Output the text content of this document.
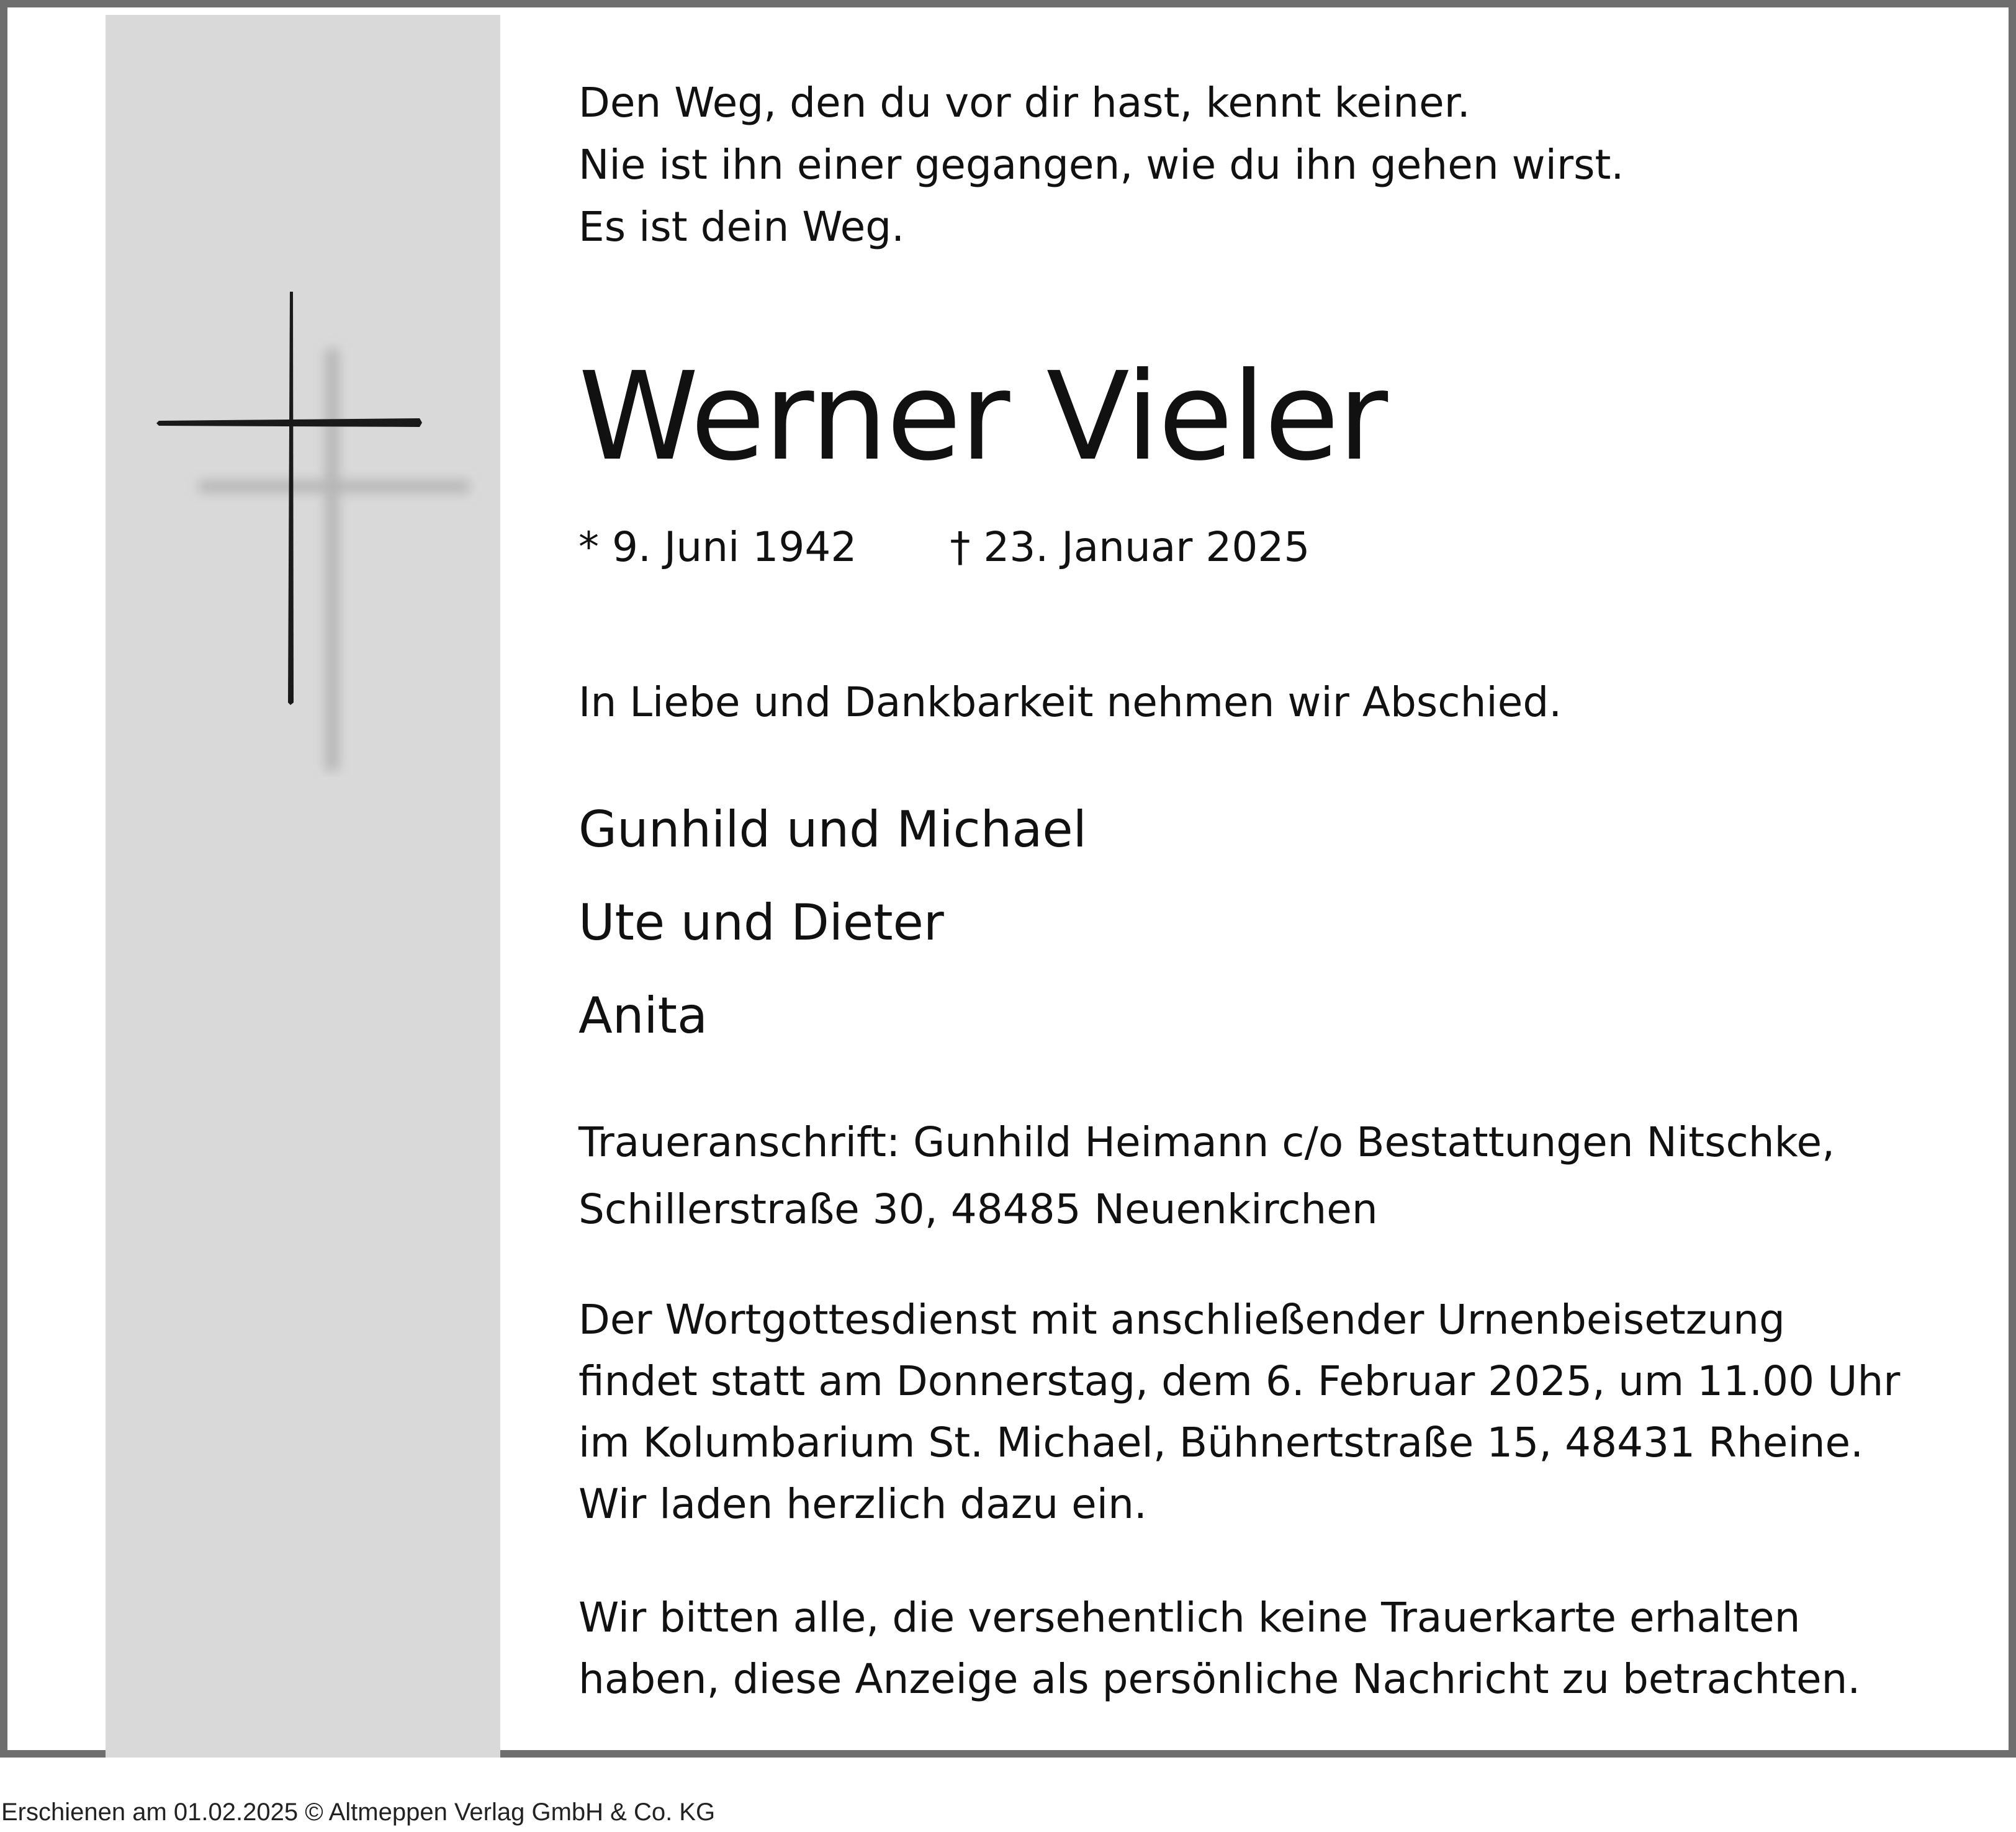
Den Weg, den du vor dir hast, kennt keiner.
Nie ist ihn einer gegangen, wie du ihn gehen wirst.
Es ist dein Weg.
Werner Vieler
* 9. Juni 1942 † 23. Januar 2025
In Liebe und Dankbarkeit nehmen wir Abschied.
Gunhild und Michael
Ute und Dieter
Anita
Traueranschrift: Gunhild Heimann c/o Bestattungen Nitschke,
Schillerstraße 30, 48485 Neuenkirchen
Der Wortgottesdienst mit anschließender Urnenbeisetzung
findet statt am Donnerstag, dem 6. Februar 2025, um 11.00 Uhr
im Kolumbarium St. Michael, Bühnertstraße 15, 48431 Rheine.
Wir laden herzlich dazu ein.
Wir bitten alle, die versehentlich keine Trauerkarte erhalten
haben, diese Anzeige als persönliche Nachricht zu betrachten.
Erschienen am 01.02.2025 © Altmeppen Verlag GmbH & Co. KG
